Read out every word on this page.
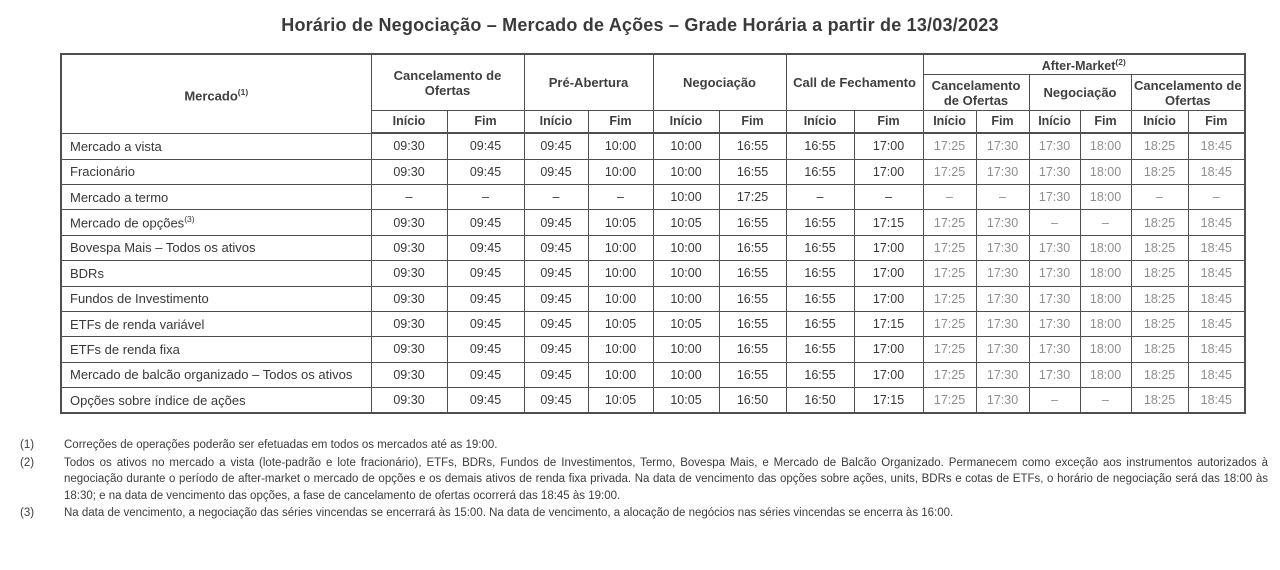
Horário de Negociação – Mercado de Ações – Grade Horária a partir de 13/03/2023
Mercado$^{(1)}$	Cancelamento de Ofertas		Pré-Abertura		Negociação		Call de Fechamento		After-Market$^{(2)}$
									Cancelamento de Ofertas		Negociação		Cancelamento de Ofertas	
	Início	Fim	Início	Fim	Início	Fim	Início	Fim	Início	Fim	Início	Fim	Início	Fim
Mercado a vista	09:30	09:45	09:45	10:00	10:00	16:55	16:55	17:00	17:25	17:30	17:30	18:00	18:25	18:45
Fracionário	09:30	09:45	09:45	10:00	10:00	16:55	16:55	17:00	17:25	17:30	17:30	18:00	18:25	18:45
Mercado a termo	–	–	–	–	10:00	17:25	–	–	–	–	17:30	18:00	–	–
Mercado de opções$^{(3)}$	09:30	09:45	09:45	10:05	10:05	16:55	16:55	17:15	17:25	17:30	–	–	18:25	18:45
Bovespa Mais – Todos os ativos	09:30	09:45	09:45	10:00	10:00	16:55	16:55	17:00	17:25	17:30	17:30	18:00	18:25	18:45
BDRs	09:30	09:45	09:45	10:00	10:00	16:55	16:55	17:00	17:25	17:30	17:30	18:00	18:25	18:45
Fundos de Investimento	09:30	09:45	09:45	10:00	10:00	16:55	16:55	17:00	17:25	17:30	17:30	18:00	18:25	18:45
ETFs de renda variável	09:30	09:45	09:45	10:05	10:05	16:55	16:55	17:15	17:25	17:30	17:30	18:00	18:25	18:45
ETFs de renda fixa	09:30	09:45	09:45	10:00	10:00	16:55	16:55	17:00	17:25	17:30	17:30	18:00	18:25	18:45
Mercado de balcão organizado – Todos os ativos	09:30	09:45	09:45	10:00	10:00	16:55	16:55	17:00	17:25	17:30	17:30	18:00	18:25	18:45
Opções sobre índice de ações	09:30	09:45	09:45	10:05	10:05	16:50	16:50	17:15	17:25	17:30	–	–	18:25	18:45
(1)	Correções de operações poderão ser efetuadas em todos os mercados até as 19:00.
(2)	Todos os ativos no mercado a vista (lote-padrão e lote fracionário), ETFs, BDRs, Fundos de Investimentos, Termo, Bovespa Mais, e Mercado de Balcão Organizado. Permanecem como exceção aos instrumentos autorizados à negociação durante o período de after-market o mercado de opções e os demais ativos de renda fixa privada. Na data de vencimento das opções sobre ações, units, BDRs e cotas de ETFs, o horário de negociação será das 18:00 às 18:30; e na data de vencimento das opções, a fase de cancelamento de ofertas ocorrerá das 18:45 às 19:00.
(3)	Na data de vencimento, a negociação das séries vincendas se encerrará às 15:00. Na data de vencimento, a alocação de negócios nas séries vincendas se encerra às 16:00.
